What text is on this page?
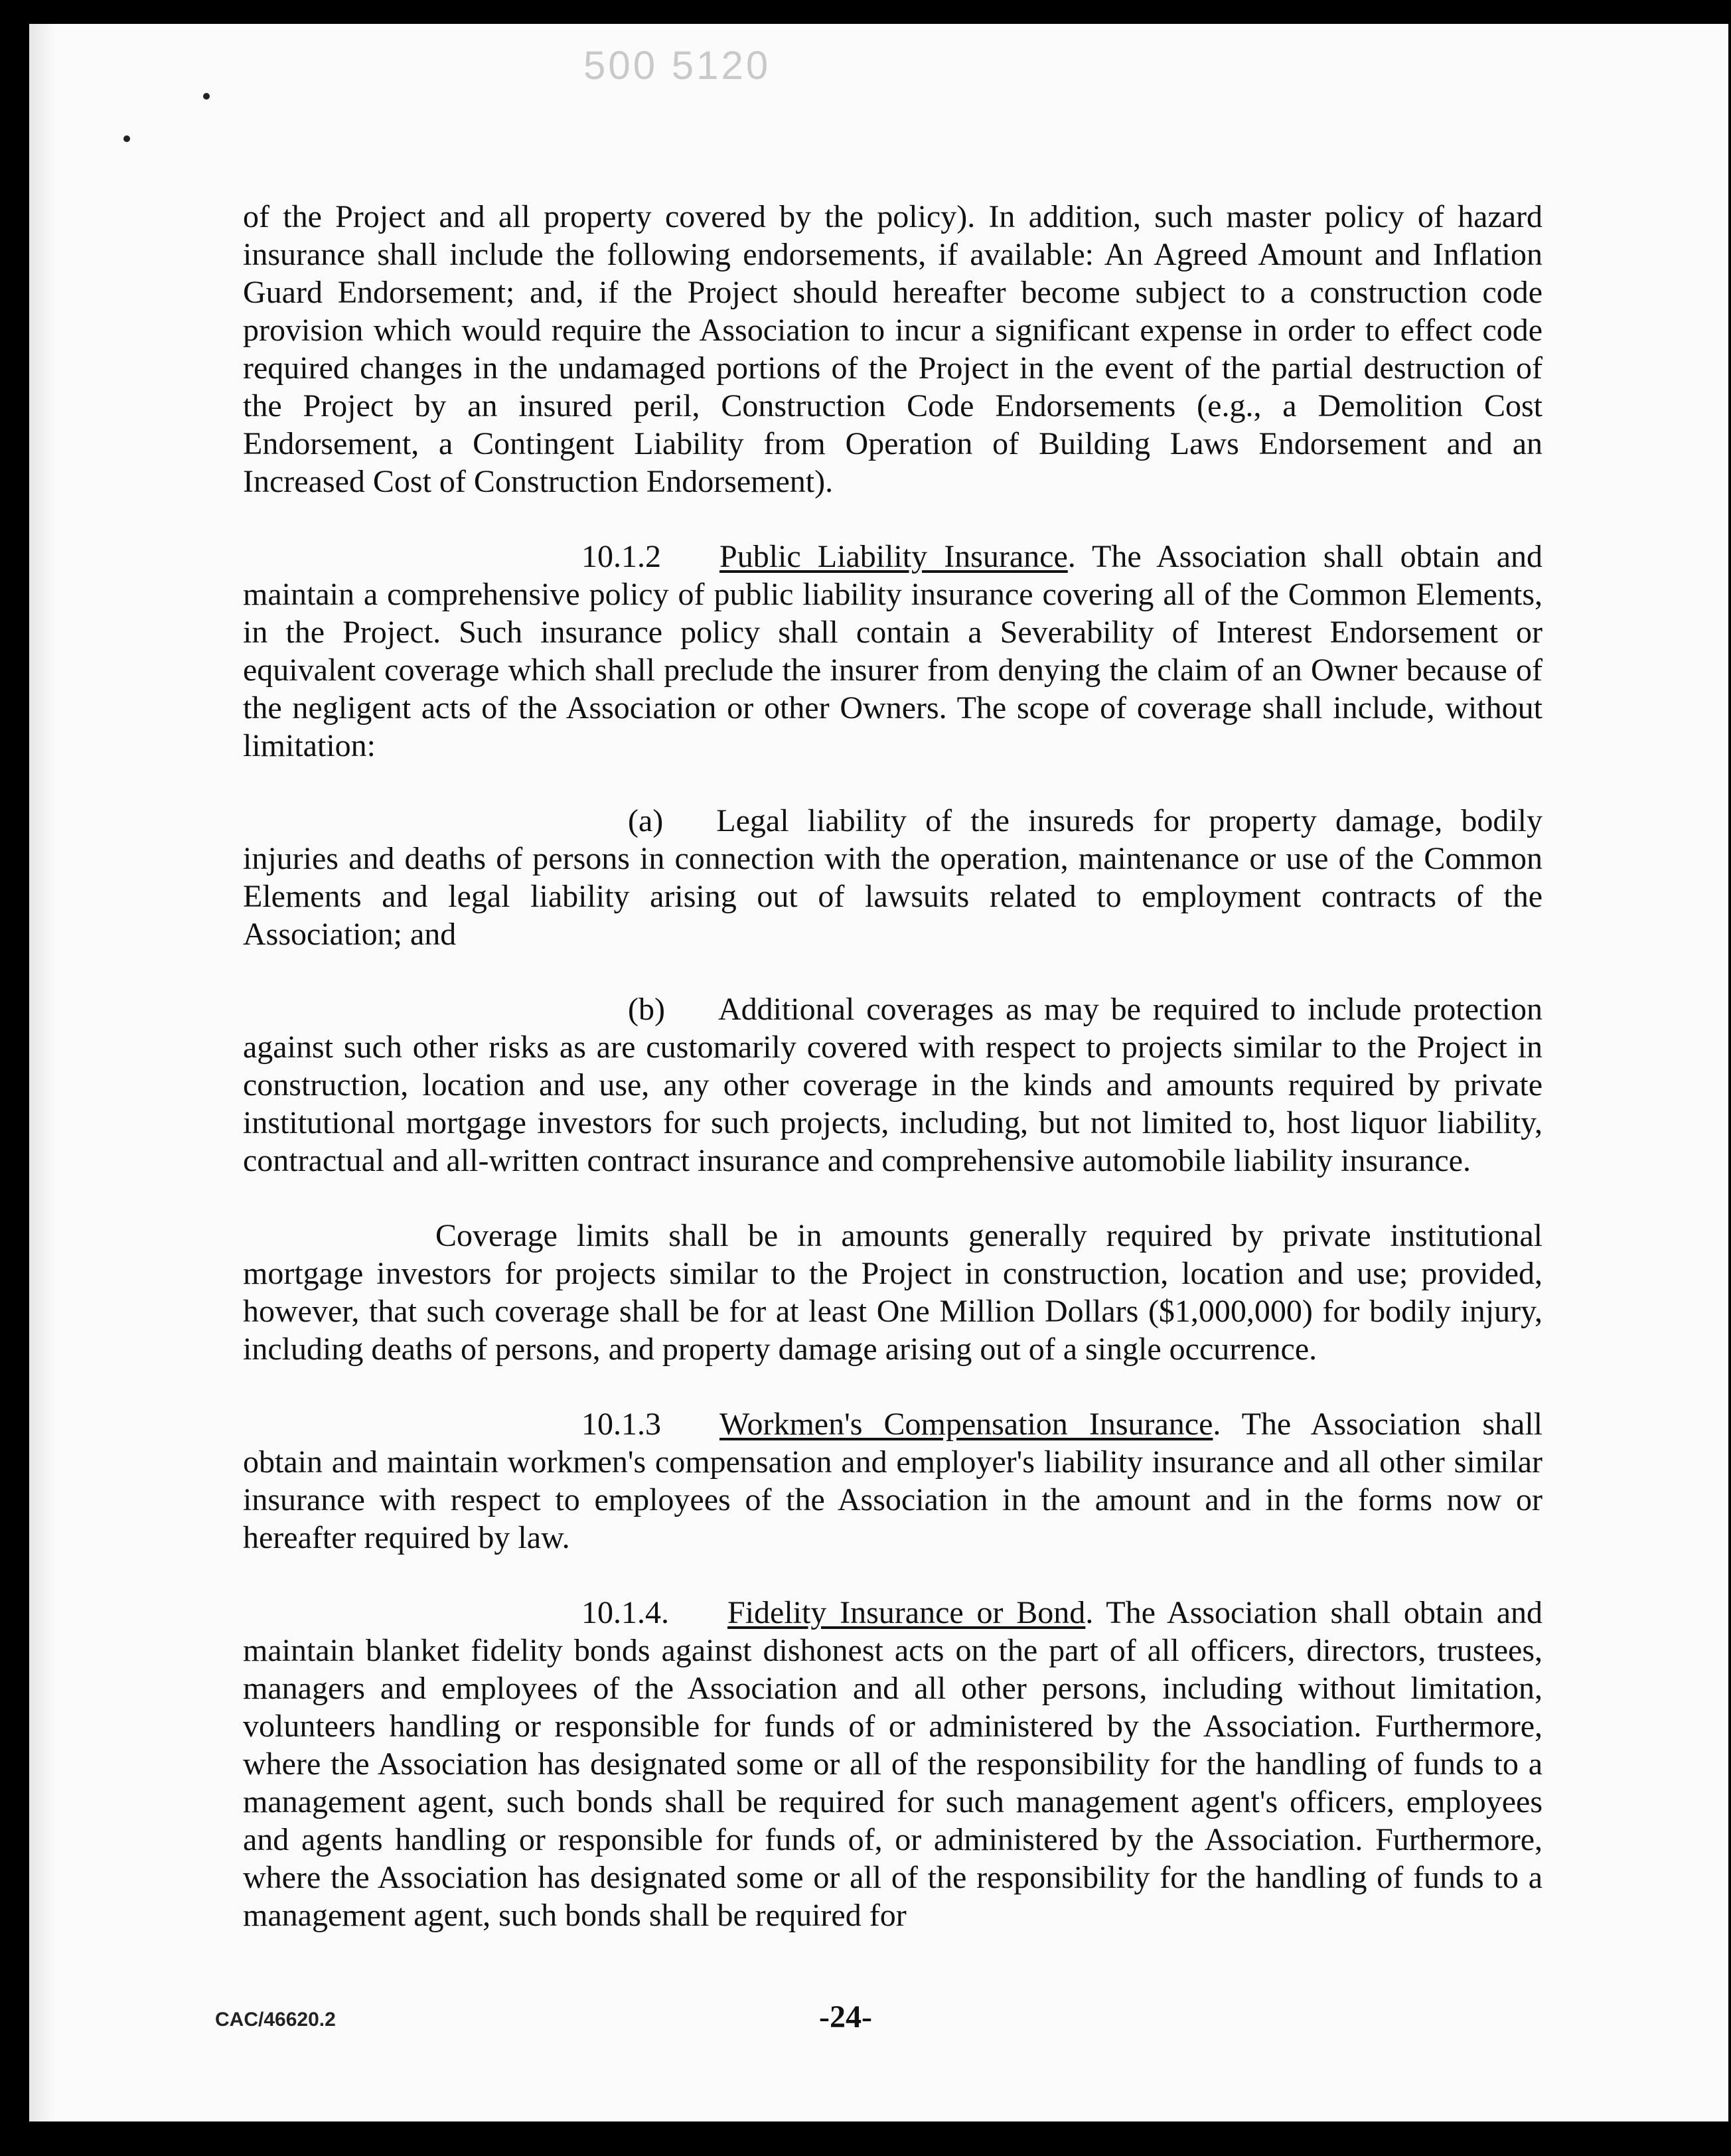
500 5120

of the Project and all property covered by the policy). In addition, such master policy of hazard insurance shall include the following endorsements, if available: An Agreed Amount and Inflation Guard Endorsement; and, if the Project should hereafter become subject to a construction code provision which would require the Association to incur a significant expense in order to effect code required changes in the undamaged portions of the Project in the event of the partial destruction of the Project by an insured peril, Construction Code Endorsements (e.g., a Demolition Cost Endorsement, a Contingent Liability from Operation of Building Laws Endorsement and an Increased Cost of Construction Endorsement).

10.1.2 Public Liability Insurance. The Association shall obtain and maintain a comprehensive policy of public liability insurance covering all of the Common Elements, in the Project. Such insurance policy shall contain a Severability of Interest Endorsement or equivalent coverage which shall preclude the insurer from denying the claim of an Owner because of the negligent acts of the Association or other Owners. The scope of coverage shall include, without limitation:

(a) Legal liability of the insureds for property damage, bodily injuries and deaths of persons in connection with the operation, maintenance or use of the Common Elements and legal liability arising out of lawsuits related to employment contracts of the Association; and

(b) Additional coverages as may be required to include protection against such other risks as are customarily covered with respect to projects similar to the Project in construction, location and use, any other coverage in the kinds and amounts required by private institutional mortgage investors for such projects, including, but not limited to, host liquor liability, contractual and all-written contract insurance and comprehensive automobile liability insurance.

Coverage limits shall be in amounts generally required by private institutional mortgage investors for projects similar to the Project in construction, location and use; provided, however, that such coverage shall be for at least One Million Dollars ($1,000,000) for bodily injury, including deaths of persons, and property damage arising out of a single occurrence.

10.1.3 Workmen's Compensation Insurance. The Association shall obtain and maintain workmen's compensation and employer's liability insurance and all other similar insurance with respect to employees of the Association in the amount and in the forms now or hereafter required by law.

10.1.4. Fidelity Insurance or Bond. The Association shall obtain and maintain blanket fidelity bonds against dishonest acts on the part of all officers, directors, trustees, managers and employees of the Association and all other persons, including without limitation, volunteers handling or responsible for funds of or administered by the Association. Furthermore, where the Association has designated some or all of the responsibility for the handling of funds to a management agent, such bonds shall be required for such management agent's officers, employees and agents handling or responsible for funds of, or administered by the Association. Furthermore, where the Association has designated some or all of the responsibility for the handling of funds to a management agent, such bonds shall be required for

CAC/46620.2	-24-
